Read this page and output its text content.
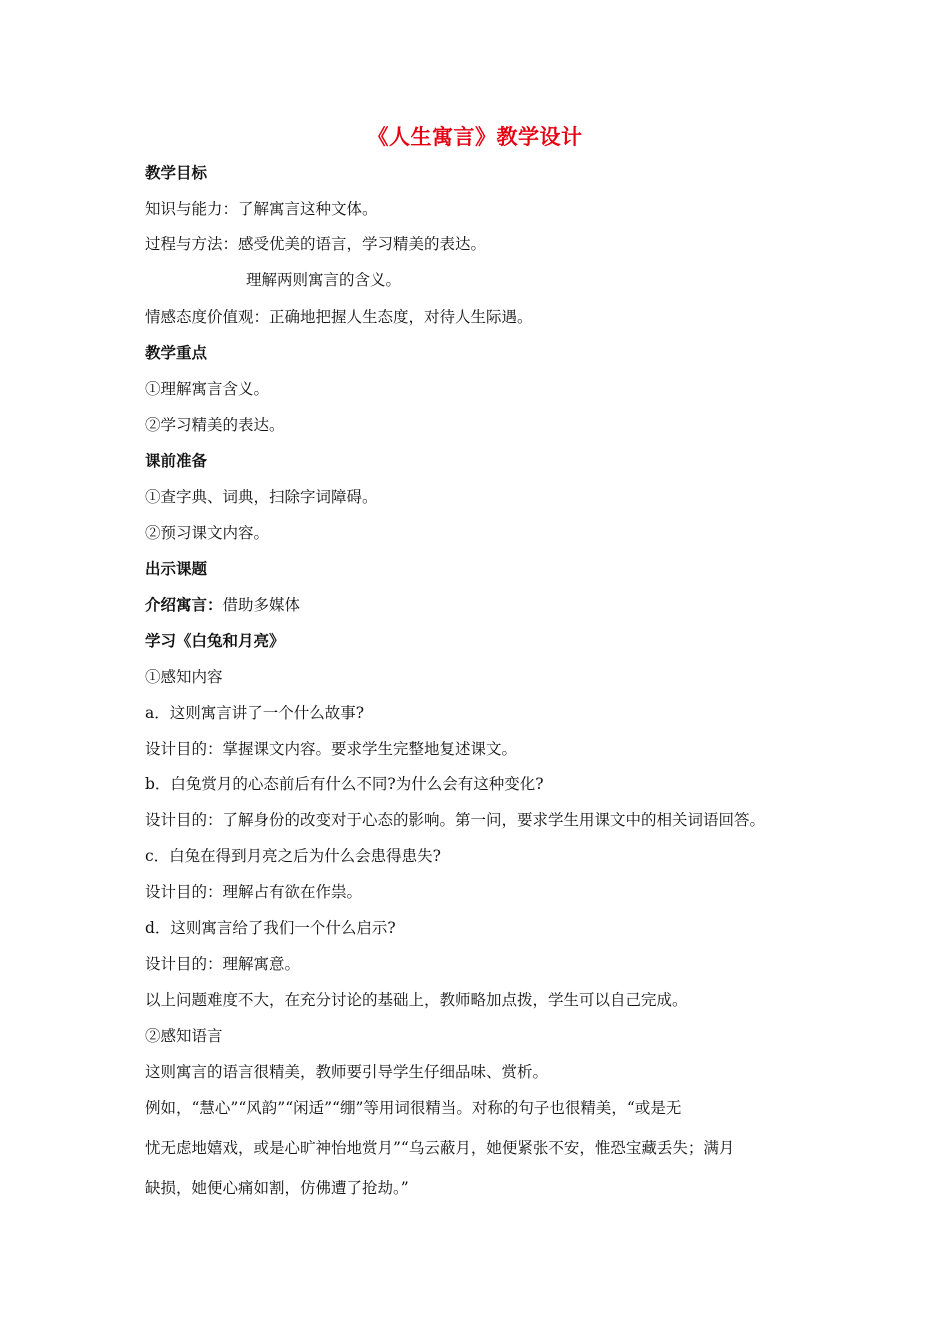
《人生寓言》教学设计
教学目标
知识与能力：了解寓言这种文体。
过程与方法：感受优美的语言，学习精美的表达。
理解两则寓言的含义。
情感态度价值观：正确地把握人生态度，对待人生际遇。
教学重点
①理解寓言含义。
②学习精美的表达。
课前准备
①查字典、词典，扫除字词障碍。
②预习课文内容。
出示课题
介绍寓言：借助多媒体
学习《白兔和月亮》
①感知内容
a．这则寓言讲了一个什么故事?
设计目的：掌握课文内容。要求学生完整地复述课文。
b．白兔赏月的心态前后有什么不同?为什么会有这种变化?
设计目的：了解身份的改变对于心态的影响。第一问，要求学生用课文中的相关词语回答。
c．白兔在得到月亮之后为什么会患得患失?
设计目的：理解占有欲在作祟。
d．这则寓言给了我们一个什么启示?
设计目的：理解寓意。
以上问题难度不大，在充分讨论的基础上，教师略加点拨，学生可以自己完成。
②感知语言
这则寓言的语言很精美，教师要引导学生仔细品味、赏析。
例如，“慧心”“风韵”“闲适”“绷”等用词很精当。对称的句子也很精美，“或是无
忧无虑地嬉戏，或是心旷神怡地赏月”“乌云蔽月，她便紧张不安，惟恐宝藏丢失；满月
缺损，她便心痛如割，仿佛遭了抢劫。”
